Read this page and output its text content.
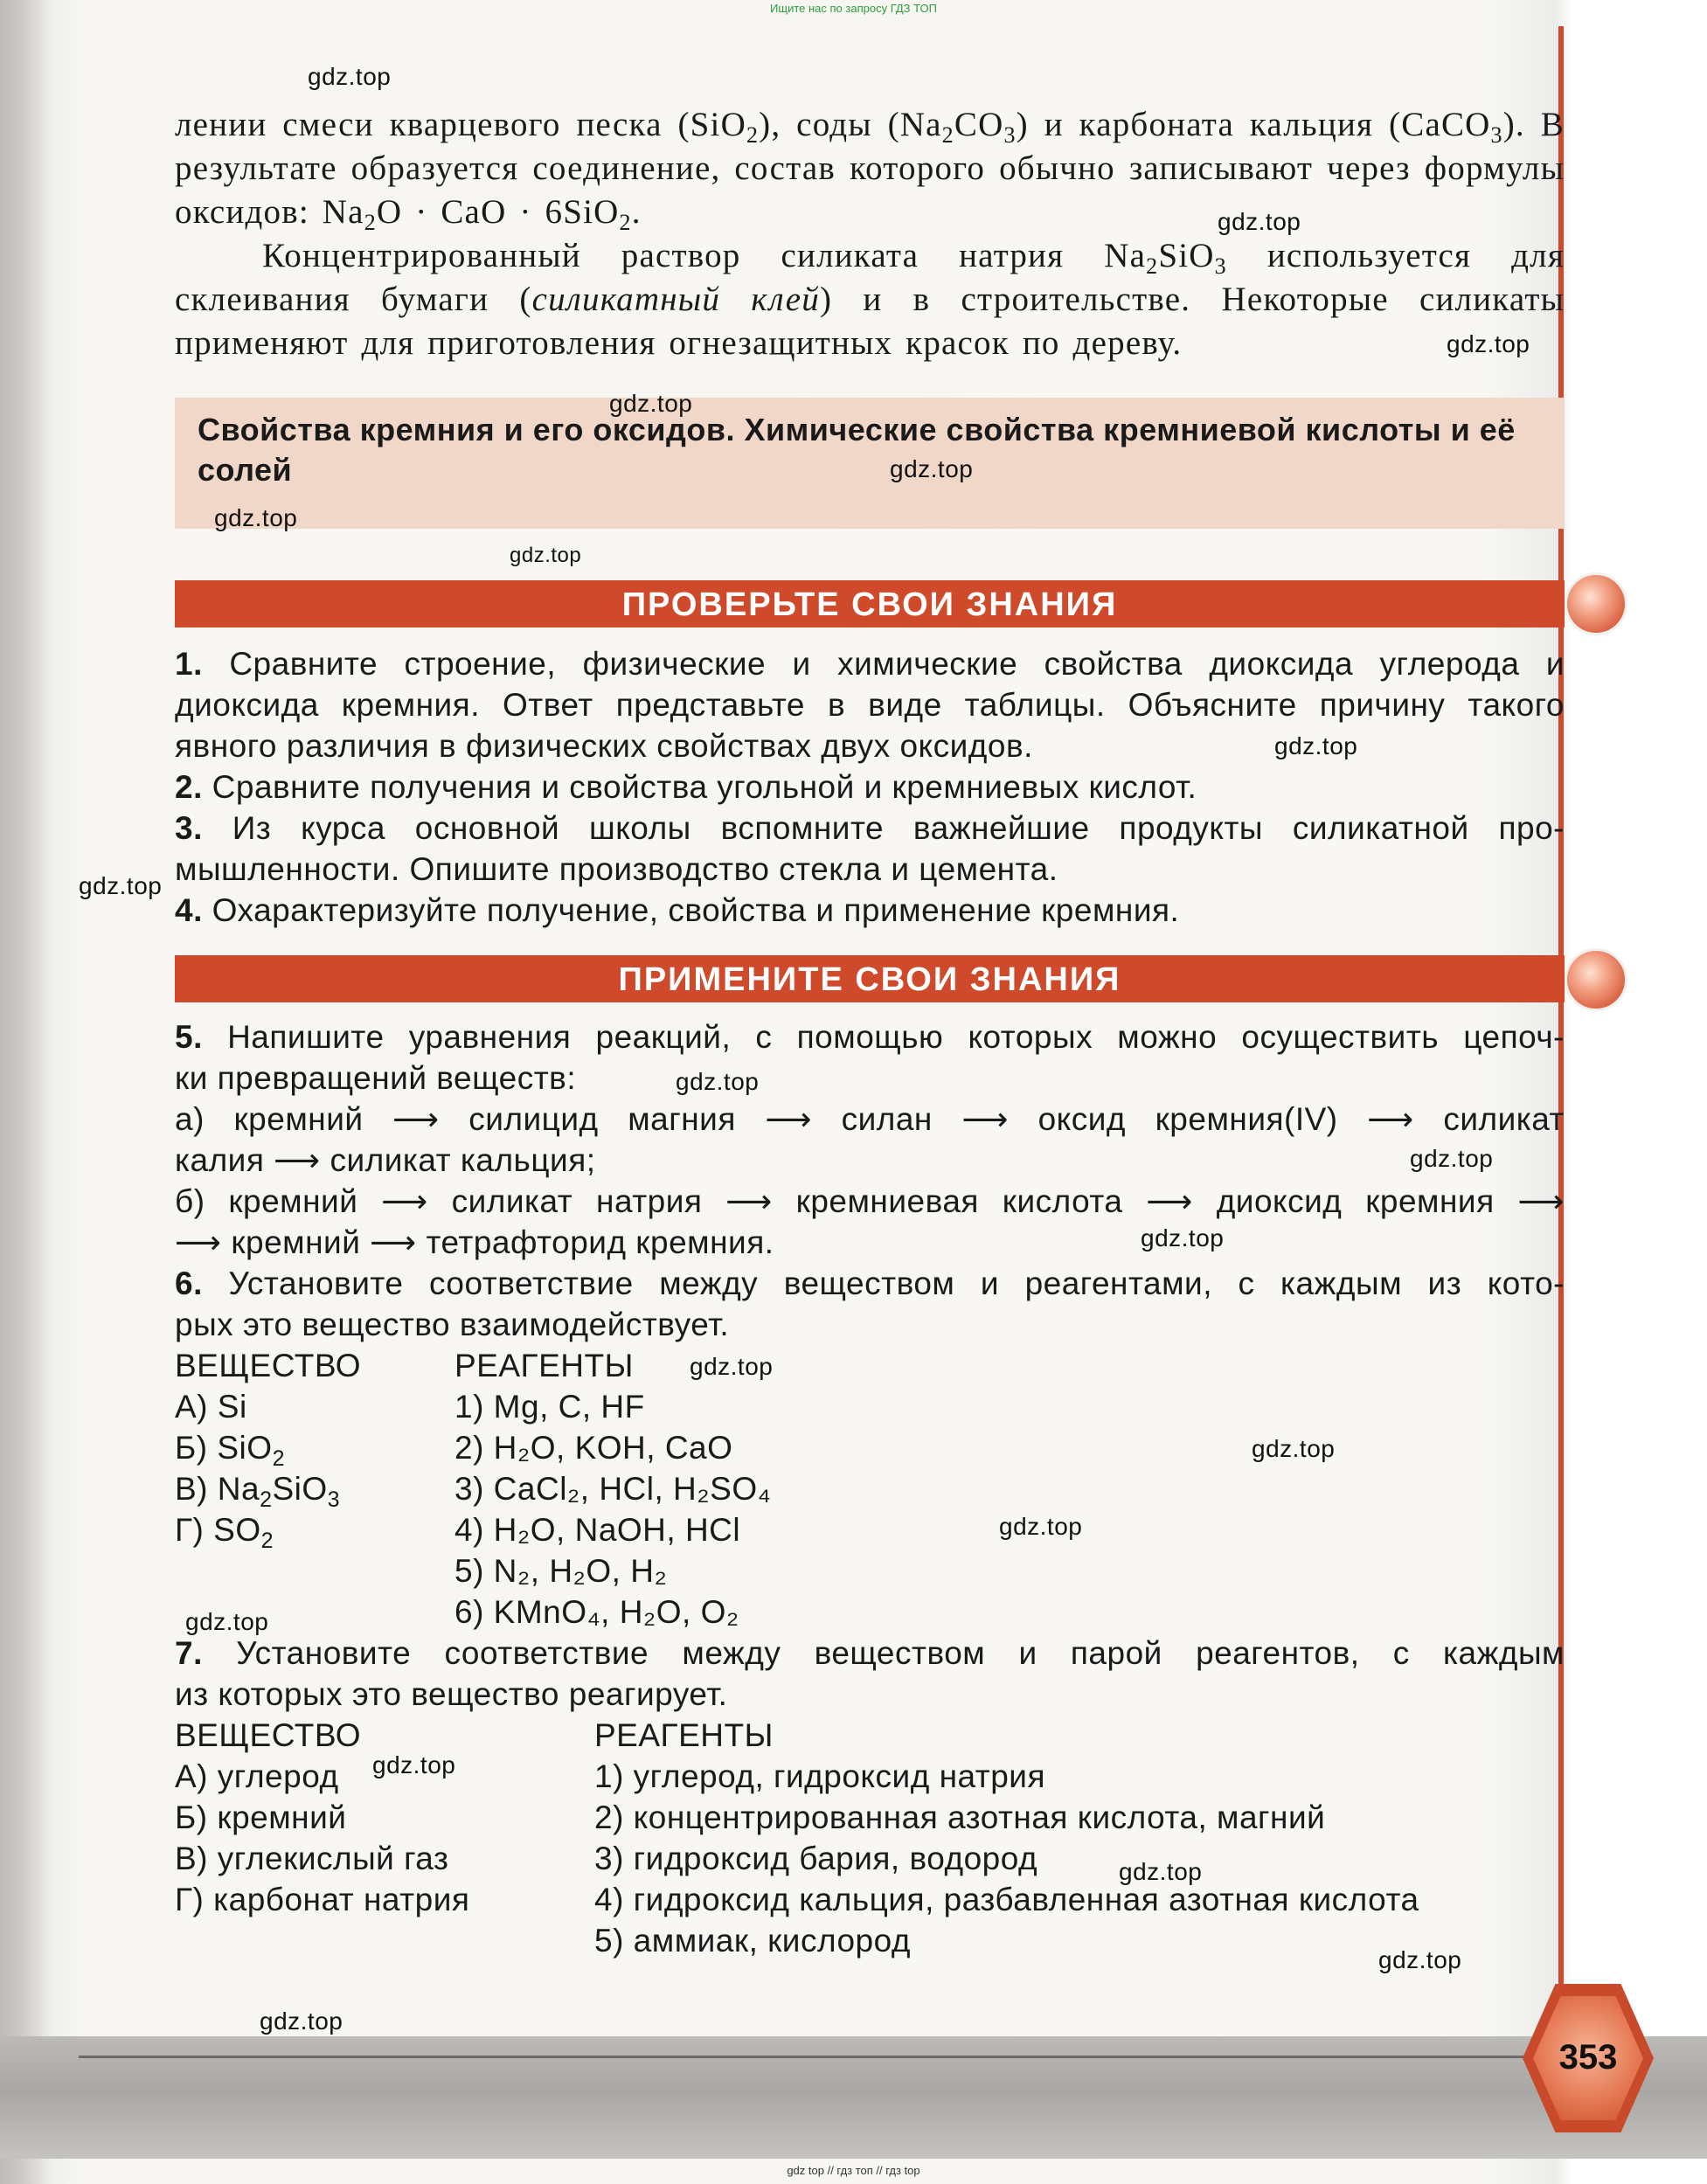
Ищите нас по запросу ГДЗ ТОП

лении смеси кварцевого песка (SiO$_2$), соды $(Na_2CO_3)$ и карбоната кальция (CaCO$_3$). В результате образуется соединение, состав которого обычно записывают через формулы оксидов: $Na_2O$ · CaO · 6SiO$_2$.

Концентрированный раствор силиката натрия $Na_2SiO_3$ используется для склеивания бумаги (силикатный клей) и в строительстве. Некоторые силикаты применяют для приготовления огнезащитных красок по дереву.

Свойства кремния и его оксидов. Химические свойства кремниевой кислоты и её солей
ПРОВЕРЬТЕ СВОИ ЗНАНИЯ
1. Сравните строение, физические и химические свойства диоксида углерода и
диоксида кремния. Ответ представьте в виде таблицы. Объясните причину такого
явного различия в физических свойствах двух оксидов.
2. Сравните получения и свойства угольной и кремниевых кислот.
3. Из курса основной школы вспомните важнейшие продукты силикатной про-
мышленности. Опишите производство стекла и цемента.
4. Охарактеризуйте получение, свойства и применение кремния.
ПРИМЕНИТЕ СВОИ ЗНАНИЯ
5. Напишите уравнения реакций, с помощью которых можно осуществить цепоч-
ки превращений веществ:
а) кремний ⟶ силицид магния ⟶ силан ⟶ оксид кремния(IV) ⟶ силикат
калия ⟶ силикат кальция;
б) кремний ⟶ силикат натрия ⟶ кремниевая кислота ⟶ диоксид кремния ⟶
⟶ кремний ⟶ тетрафторид кремния.
6. Установите соответствие между веществом и реагентами, с каждым из кото-
рых это вещество взаимодействует.
ВЕЩЕСТВО	РЕАГЕНТЫ
А) Si	1) Mg, C, HF
Б) SiO$_2$	2) H₂O, KOH, CaO
В) $Na_2SiO_3$	3) CaCl₂, HCl, H₂SO₄
Г) $SO_2$	4) H₂O, NaOH, HCl
5) N₂, H₂O, H₂
6) KMnO₄, H₂O, O₂
7. Установите соответствие между веществом и парой реагентов, с каждым
из которых это вещество реагирует.
ВЕЩЕСТВО	РЕАГЕНТЫ
А) углерод	1) углерод, гидроксид натрия
Б) кремний	2) концентрированная азотная кислота, магний
В) углекислый газ	3) гидроксид бария, водород
Г) карбонат натрия	4) гидроксид кальция, разбавленная азотная кислота
5) аммиак, кислород
gdz.top
gdz.top
gdz.top
gdz.top
gdz.top
gdz.top
gdz.top
gdz.top
gdz.top
gdz.top
gdz.top
gdz.top
gdz.top
gdz.top
gdz.top
gdz.top
gdz.top
gdz.top
gdz.top
gdz.top
353
gdz top // гдз топ // гдз top
